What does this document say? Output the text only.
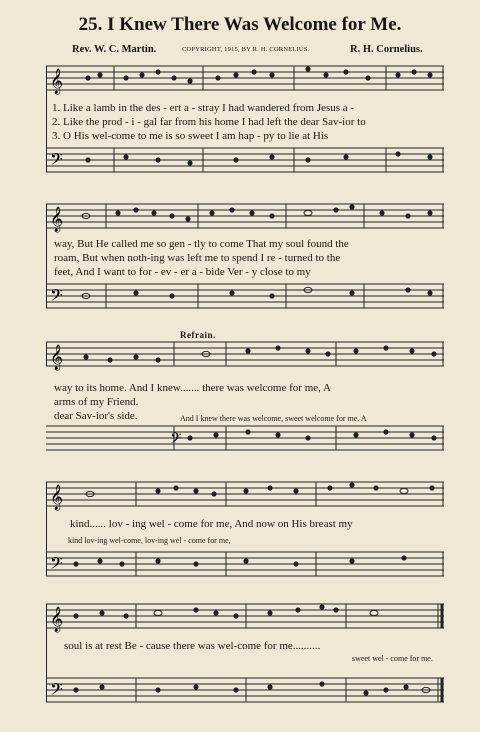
25. I Knew There Was Welcome for Me.
Rev. W. C. Martin.	COPYRIGHT, 1915, BY R. H. CORNELIUS.	R. H. Cornelius.
𝄞
𝄢
1. Like a lamb in the des - ert a - stray I had wandered from Jesus a -
2. Like the prod - i - gal far from his home I had left the dear Sav-ior to
3. O His wel-come to me is so sweet I am hap - py to lie at His
𝄞
𝄢
way, But He called me so gen - tly to come That my soul found the
roam, But when noth-ing was left me to spend I re - turned to the
feet, And I want to for - ev - er a - bide Ver - y close to my
Refrain.
𝄞
𝄢
way to its home. And I knew....... there was welcome for me, A
arms of my Friend.
dear Sav-ior's side.	And I knew there was welcome, sweet welcome for me. A
𝄞
𝄢
kind...... lov - ing wel - come for me, And now on His breast my
kind lov-ing wel-come, lov-ing wel - come for me,
𝄞
𝄢
soul is at rest Be - cause there was wel-come for me..........
sweet wel - come for me.
